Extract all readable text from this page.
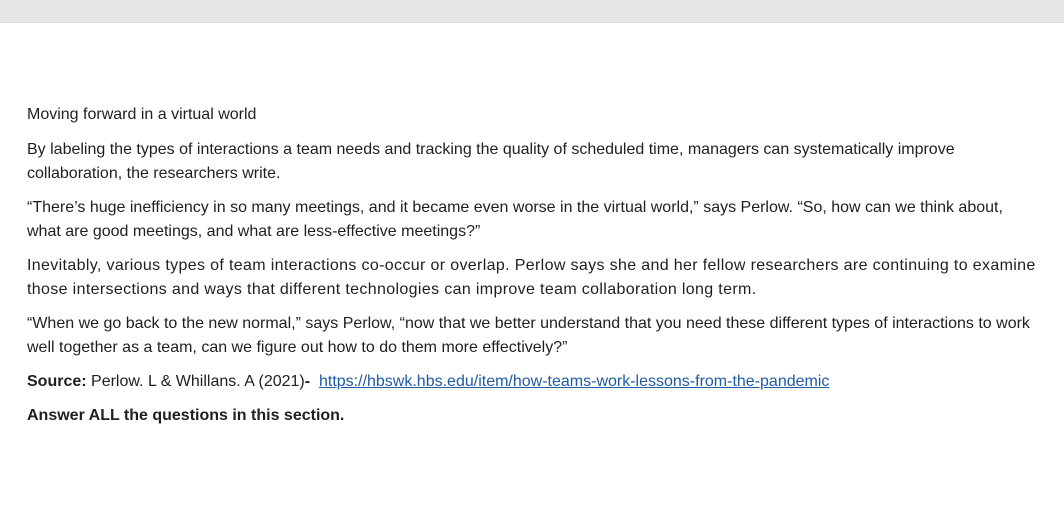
Moving forward in a virtual world

By labeling the types of interactions a team needs and tracking the quality of scheduled time, managers can systematically improve collaboration, the researchers write.

“There’s huge inefficiency in so many meetings, and it became even worse in the virtual world,” says Perlow. “So, how can we think about, what are good meetings, and what are less-effective meetings?”

Inevitably, various types of team interactions co-occur or overlap. Perlow says she and her fellow researchers are continuing to examine those intersections and ways that different technologies can improve team collaboration long term.

“When we go back to the new normal,” says Perlow, “now that we better understand that you need these different types of interactions to work well together as a team, can we figure out how to do them more effectively?”

Source: Perlow. L & Whillans. A (2021)- https://hbswk.hbs.edu/item/how-teams-work-lessons-from-the-pandemic

Answer ALL the questions in this section.
